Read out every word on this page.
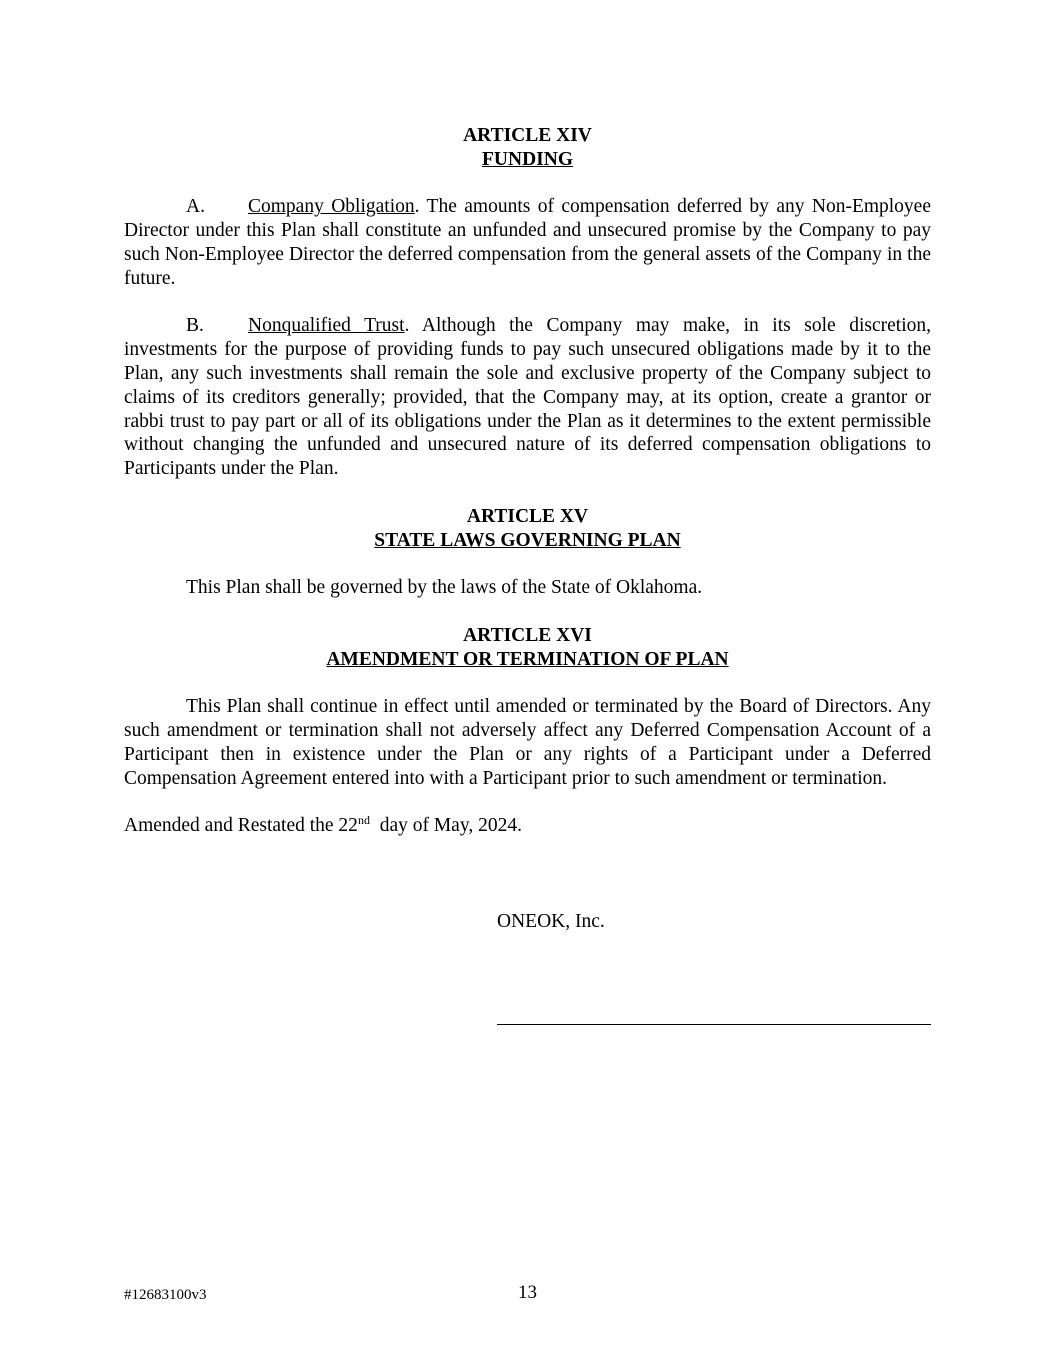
ARTICLE XIV
FUNDING

A. Company Obligation. The amounts of compensation deferred by any Non-Employee Director under this Plan shall constitute an unfunded and unsecured promise by the Company to pay such Non-Employee Director the deferred compensation from the general assets of the Company in the future.

B. Nonqualified Trust. Although the Company may make, in its sole discretion, investments for the purpose of providing funds to pay such unsecured obligations made by it to the Plan, any such investments shall remain the sole and exclusive property of the Company subject to claims of its creditors generally; provided, that the Company may, at its option, create a grantor or rabbi trust to pay part or all of its obligations under the Plan as it determines to the extent permissible without changing the unfunded and unsecured nature of its deferred compensation obligations to Participants under the Plan.

ARTICLE XV
STATE LAWS GOVERNING PLAN

This Plan shall be governed by the laws of the State of Oklahoma.

ARTICLE XVI
AMENDMENT OR TERMINATION OF PLAN

This Plan shall continue in effect until amended or terminated by the Board of Directors. Any such amendment or termination shall not adversely affect any Deferred Compensation Account of a Participant then in existence under the Plan or any rights of a Participant under a Deferred Compensation Agreement entered into with a Participant prior to such amendment or termination.

Amended and Restated the 22nd  day of May, 2024.

ONEOK, Inc.
#12683100v3	13
